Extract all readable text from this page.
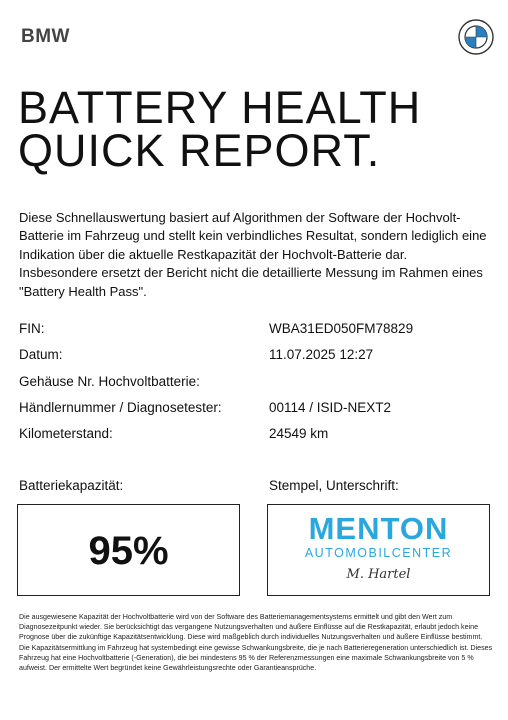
BMW
BATTERY HEALTH
QUICK REPORT.
Diese Schnellauswertung basiert auf Algorithmen der Software der Hochvolt-Batterie im Fahrzeug und stellt kein verbindliches Resultat, sondern lediglich eine Indikation über die aktuelle Restkapazität der Hochvolt-Batterie dar. Insbesondere ersetzt der Bericht nicht die detaillierte Messung im Rahmen eines "Battery Health Pass".
FIN:	WBA31ED050FM78829
Datum:	11.07.2025 12:27
Gehäuse Nr. Hochvoltbatterie:
Händlernummer / Diagnosetester:	00114 / ISID-NEXT2
Kilometerstand:	24549 km
Batteriekapazität:	Stempel, Unterschrift:
95%
MENTON
AUTOMOBILCENTER
M. Hartel
Die ausgewiesene Kapazität der Hochvoltbatterie wird von der Software des Batteriemanagementsystems ermittelt und gibt den Wert zum Diagnosezeitpunkt wieder. Sie berücksichtigt das vergangene Nutzungsverhalten und äußere Einflüsse auf die Restkapazität, erlaubt jedoch keine Prognose über die zukünftige Kapazitätsentwicklung. Diese wird maßgeblich durch individuelles Nutzungsverhalten und äußere Einflüsse bestimmt. Die Kapazitätsermittlung im Fahrzeug hat systembedingt eine gewisse Schwankungsbreite, die je nach Batterieregeneration unterschiedlich ist. Dieses Fahrzeug hat eine Hochvoltbatterie (-Generation), die bei mindestens 95 % der Referenzmessungen eine maximale Schwankungsbreite von 5 % aufweist. Der ermittelte Wert begründet keine Gewährleistungsrechte oder Garantieansprüche.
